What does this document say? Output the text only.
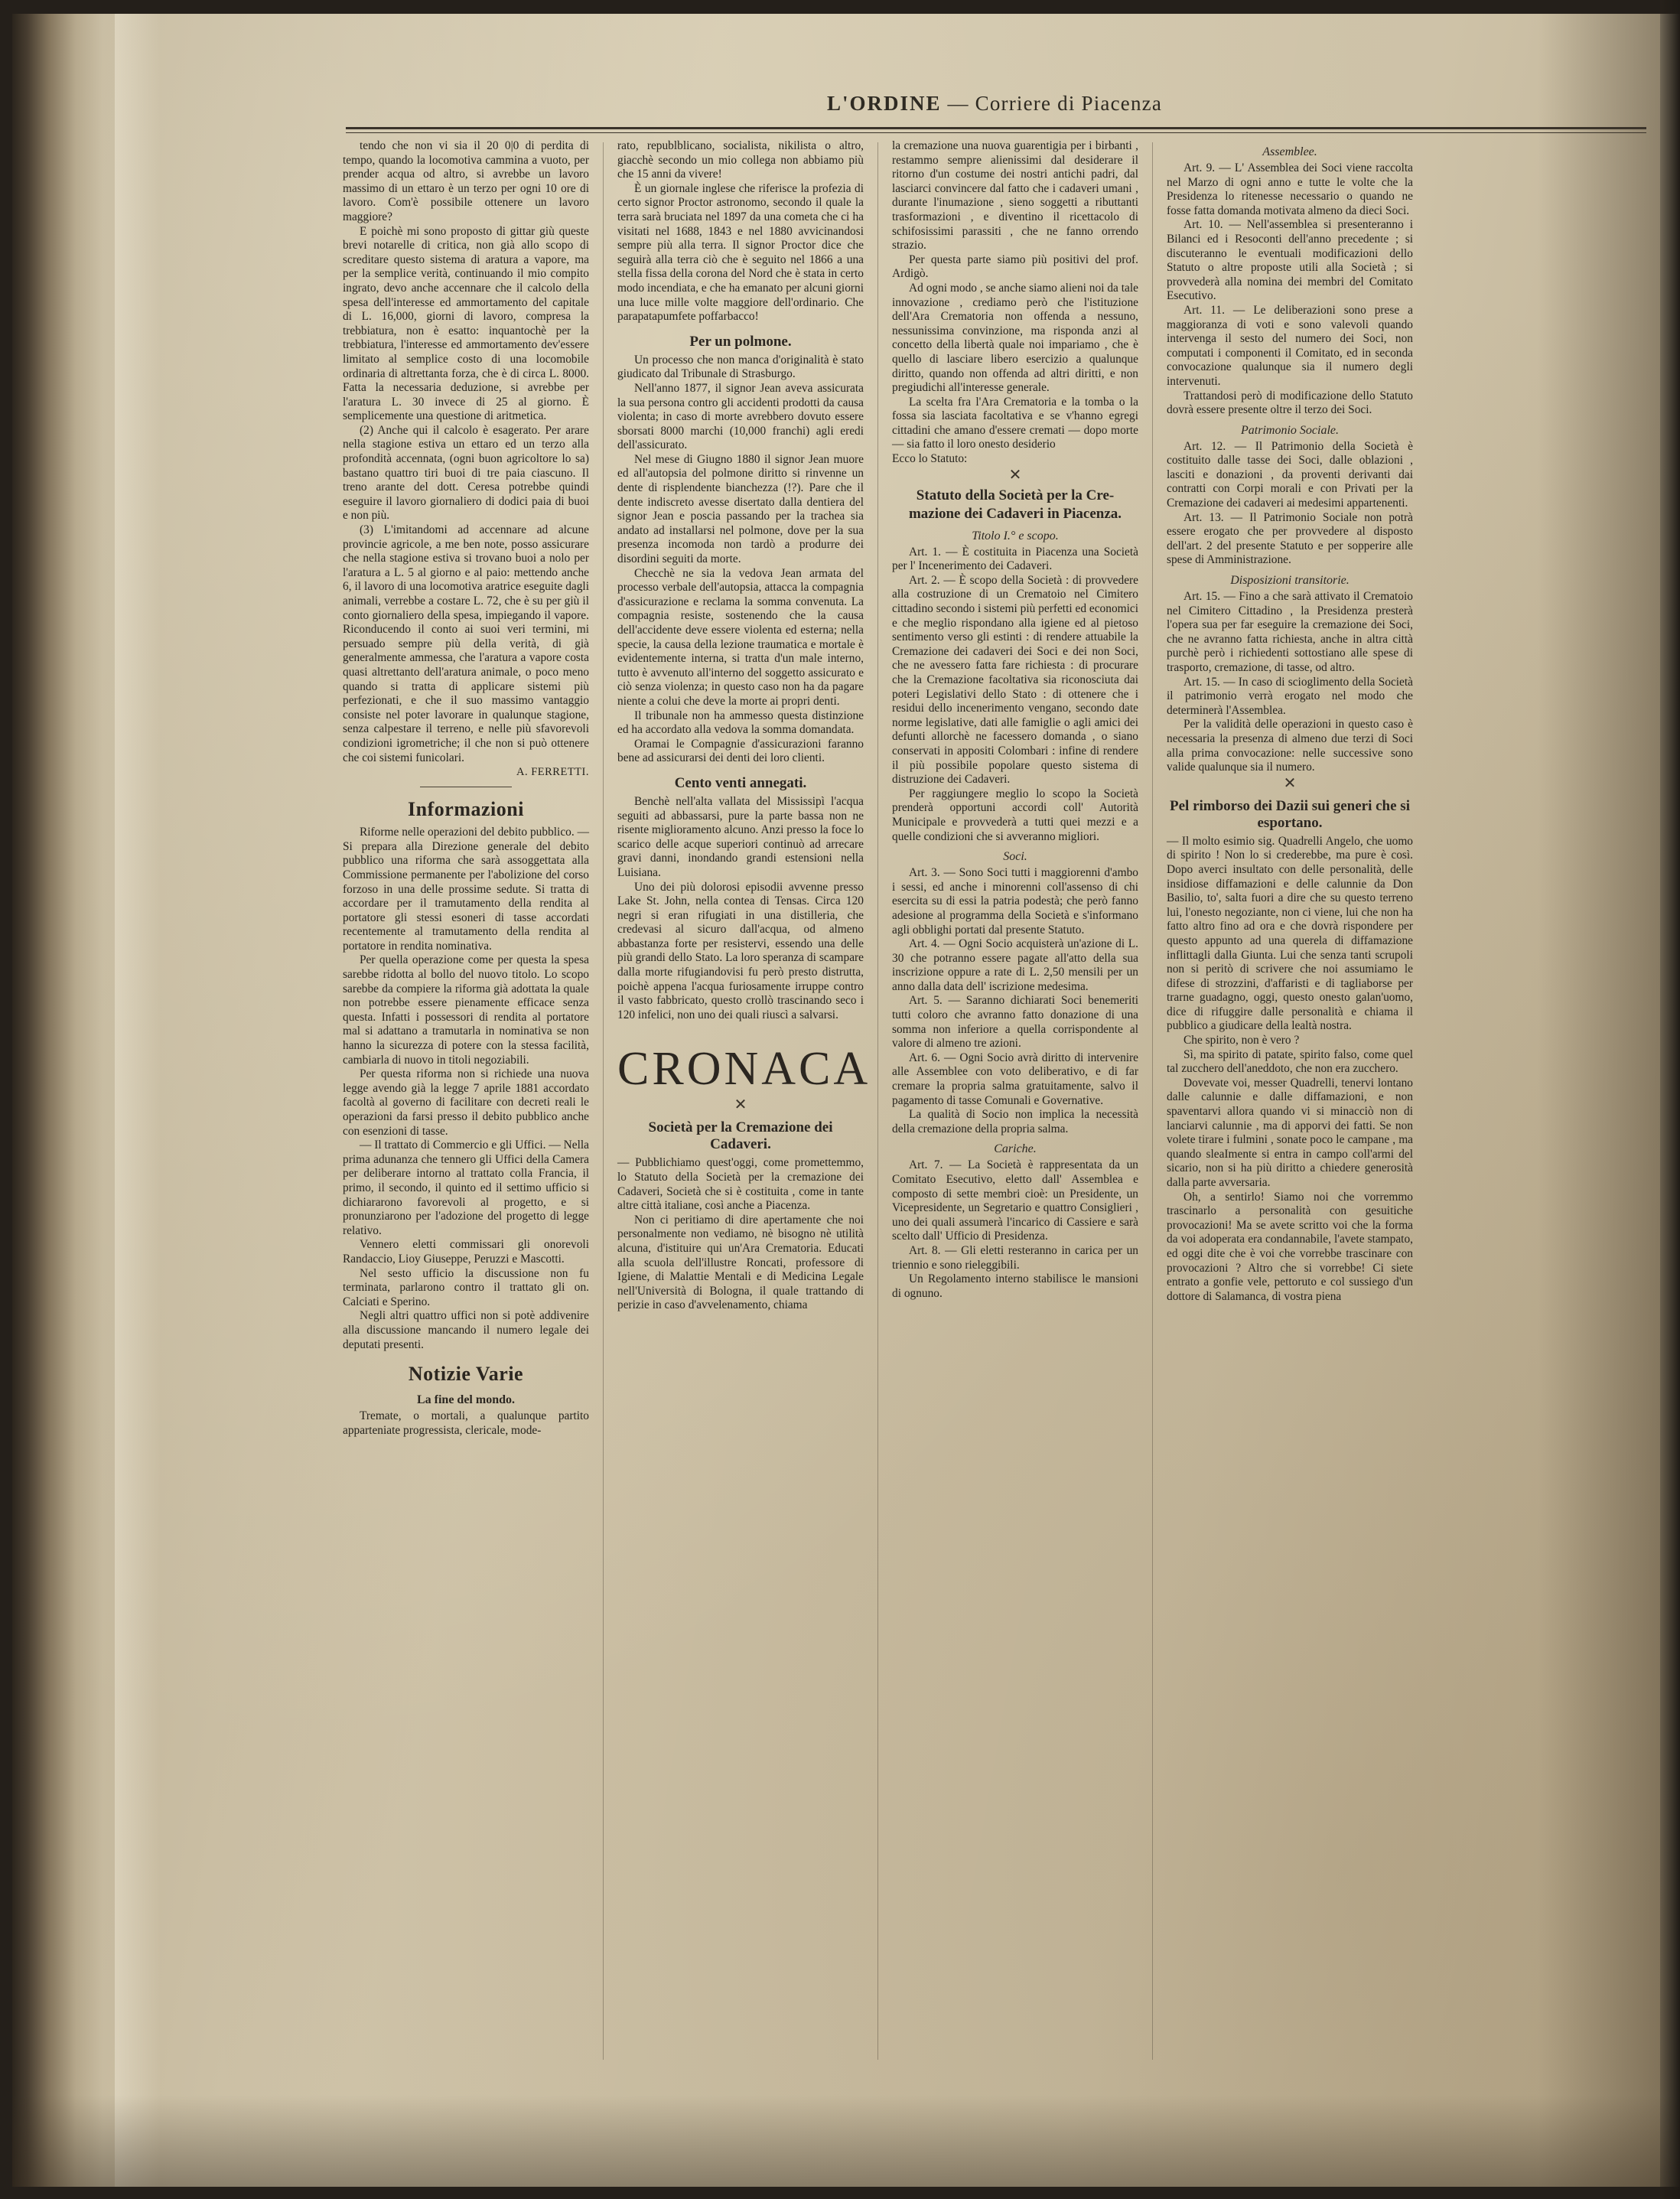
L'ORDINE — Corriere di Piacenza
tendo che non vi sia il 20 0|0 di perdita di tempo, quando la locomotiva cammina a vuoto, per prender acqua od altro, si avrebbe un lavoro massimo di un ettaro è un terzo per ogni 10 ore di lavoro. Com'è possibile ottenere un lavoro maggiore?
E poichè mi sono proposto di gittar giù queste brevi notarelle di critica, non già allo scopo di screditare questo sistema di aratura a vapore, ma per la semplice verità, continuando il mio compito ingrato, devo anche accennare che il calcolo della spesa dell'interesse ed ammortamento del capitale di L. 16,000, giorni di lavoro, compresa la trebbiatura, non è esatto: inquantochè per la trebbiatura, l'interesse ed ammortamento dev'essere limitato al semplice costo di una locomobile ordinaria di altrettanta forza, che è di circa L. 8000. Fatta la necessaria deduzione, si avrebbe per l'aratura L. 30 invece di 25 al giorno. È semplicemente una questione di aritmetica.
(2) Anche qui il calcolo è esagerato. Per arare nella stagione estiva un ettaro ed un terzo alla profondità accennata, (ogni buon agricoltore lo sa) bastano quattro tiri buoi di tre paia ciascuno. Il treno arante del dott. Ceresa potrebbe quindi eseguire il lavoro giornaliero di dodici paia di buoi e non più.
(3) L'imitandomi ad accennare ad alcune provincie agricole, a me ben note, posso assicurare che nella stagione estiva si trovano buoi a nolo per l'aratura a L. 5 al giorno e al paio: mettendo anche 6, il lavoro di una locomotiva aratrice eseguite dagli animali, verrebbe a costare L. 72, che è su per giù il conto giornaliero della spesa, impiegando il vapore. Riconducendo il conto ai suoi veri termini, mi persuado sempre più della verità, di già generalmente ammessa, che l'aratura a vapore costa quasi altrettanto dell'aratura animale, o poco meno quando si tratta di applicare sistemi più perfezionati, e che il suo massimo vantaggio consiste nel poter lavorare in qualunque stagione, senza calpestare il terreno, e nelle più sfavorevoli condizioni igrometriche; il che non si può ottenere che coi sistemi funicolari.
A. FERRETTI.
Informazioni
Riforme nelle operazioni del debito pubblico. — Si prepara alla Direzione generale del debito pubblico una riforma che sarà assoggettata alla Commissione permanente per l'abolizione del corso forzoso in una delle prossime sedute. Si tratta di accordare per il tramutamento della rendita al portatore gli stessi esoneri di tasse accordati recentemente al tramutamento della rendita al portatore in rendita nominativa.
Per quella operazione come per questa la spesa sarebbe ridotta al bollo del nuovo titolo. Lo scopo sarebbe da compiere la riforma già adottata la quale non potrebbe essere pienamente efficace senza questa. Infatti i possessori di rendita al portatore mal si adattano a tramutarla in nominativa se non hanno la sicurezza di potere con la stessa facilità, cambiarla di nuovo in titoli negoziabili.
Per questa riforma non si richiede una nuova legge avendo già la legge 7 aprile 1881 accordato facoltà al governo di facilitare con decreti reali le operazioni da farsi presso il debito pubblico anche con esenzioni di tasse.
— Il trattato di Commercio e gli Uffici. — Nella prima adunanza che tennero gli Uffici della Camera per deliberare intorno al trattato colla Francia, il primo, il secondo, il quinto ed il settimo ufficio si dichiararono favorevoli al progetto, e si pronunziarono per l'adozione del progetto di legge relativo.
Vennero eletti commissari gli onorevoli Randaccio, Lioy Giuseppe, Peruzzi e Mascotti.
Nel sesto ufficio la discussione non fu terminata, parlarono contro il trattato gli on. Calciati e Sperino.
Negli altri quattro uffici non si potè addivenire alla discussione mancando il numero legale dei deputati presenti.
Notizie Varie
La fine del mondo.
Tremate, o mortali, a qualunque partito apparteniate progressista, clericale, mode-
rato, republblicano, socialista, nikilista o altro, giacchè secondo un mio collega non abbiamo più che 15 anni da vivere!
È un giornale inglese che riferisce la profezia di certo signor Proctor astronomo, secondo il quale la terra sarà bruciata nel 1897 da una cometa che ci ha visitati nel 1688, 1843 e nel 1880 avvicinandosi sempre più alla terra. Il signor Proctor dice che seguirà alla terra ciò che è seguito nel 1866 a una stella fissa della corona del Nord che è stata in certo modo incendiata, e che ha emanato per alcuni giorni una luce mille volte maggiore dell'ordinario. Che parapatapumfete poffarbacco!
Per un polmone.
Un processo che non manca d'originalità è stato giudicato dal Tribunale di Strasburgo.
Nell'anno 1877, il signor Jean aveva assicurata la sua persona contro gli accidenti prodotti da causa violenta; in caso di morte avrebbero dovuto essere sborsati 8000 marchi (10,000 franchi) agli eredi dell'assicurato.
Nel mese di Giugno 1880 il signor Jean muore ed all'autopsia del polmone diritto si rinvenne un dente di risplendente bianchezza (!?). Pare che il dente indiscreto avesse disertato dalla dentiera del signor Jean e poscia passando per la trachea sia andato ad installarsi nel polmone, dove per la sua presenza incomoda non tardò a produrre dei disordini seguiti da morte.
Checchè ne sia la vedova Jean armata del processo verbale dell'autopsia, attacca la compagnia d'assicurazione e reclama la somma convenuta. La compagnia resiste, sostenendo che la causa dell'accidente deve essere violenta ed esterna; nella specie, la causa della lezione traumatica e mortale è evidentemente interna, si tratta d'un male interno, tutto è avvenuto all'interno del soggetto assicurato e ciò senza violenza; in questo caso non ha da pagare niente a colui che deve la morte ai propri denti.
Il tribunale non ha ammesso questa distinzione ed ha accordato alla vedova la somma domandata.
Oramai le Compagnie d'assicurazioni faranno bene ad assicurarsi dei denti dei loro clienti.
Cento venti annegati.
Benchè nell'alta vallata del Mississipì l'acqua seguiti ad abbassarsi, pure la parte bassa non ne risente miglioramento alcuno. Anzi presso la foce lo scarico delle acque superiori continuò ad arrecare gravi danni, inondando grandi estensioni nella Luisiana.
Uno dei più dolorosi episodii avvenne presso Lake St. John, nella contea di Tensas. Circa 120 negri si eran rifugiati in una distilleria, che credevasi al sicuro dall'acqua, od almeno abbastanza forte per resistervi, essendo una delle più grandi dello Stato. La loro speranza di scampare dalla morte rifugiandovisi fu però presto distrutta, poichè appena l'acqua furiosamente irruppe contro il vasto fabbricato, questo crollò trascinando seco i 120 infelici, non uno dei quali riuscì a salvarsi.
CRONACA
✕
Società per la Cremazione dei Cadaveri.
— Pubblichiamo quest'oggi, come promettemmo, lo Statuto della Società per la cremazione dei Cadaveri, Società che si è costituita , come in tante altre città italiane, così anche a Piacenza.
Non ci peritiamo di dire apertamente che noi personalmente non vediamo, nè bisogno nè utilità alcuna, d'istituire qui un'Ara Crematoria. Educati alla scuola dell'illustre Roncati, professore di Igiene, di Malattie Mentali e di Medicina Legale nell'Università di Bologna, il quale trattando di perizie in caso d'avvelenamento, chiama
la cremazione una nuova guarentigia per i birbanti , restammo sempre alienissimi dal desiderare il ritorno d'un costume dei nostri antichi padri, dal lasciarci convincere dal fatto che i cadaveri umani , durante l'inumazione , sieno soggetti a ributtanti trasformazioni , e diventino il ricettacolo di schifosissimi parassiti , che ne fanno orrendo strazio.
Per questa parte siamo più positivi del prof. Ardigò.
Ad ogni modo , se anche siamo alieni noi da tale innovazione , crediamo però che l'istituzione dell'Ara Crematoria non offenda a nessuno, nessunissima convinzione, ma risponda anzi al concetto della libertà quale noi impariamo , che è quello di lasciare libero esercizio a qualunque diritto, quando non offenda ad altri diritti, e non pregiudichi all'interesse generale.
La scelta fra l'Ara Crematoria e la tomba o la fossa sia lasciata facoltativa e se v'hanno egregi cittadini che amano d'essere cremati — dopo morte — sia fatto il loro onesto desiderio
Ecco lo Statuto:
✕
Statuto della Società per la Cre-
mazione dei Cadaveri in Piacenza.
Titolo I.° e scopo.
Art. 1. — È costituita in Piacenza una Società per l' Incenerimento dei Cadaveri.
Art. 2. — È scopo della Società : di provvedere alla costruzione di un Crematoio nel Cimitero cittadino secondo i sistemi più perfetti ed economici e che meglio rispondano alla igiene ed al pietoso sentimento verso gli estinti : di rendere attuabile la Cremazione dei cadaveri dei Soci e dei non Soci, che ne avessero fatta fare richiesta : di procurare che la Cremazione facoltativa sia riconosciuta dai poteri Legislativi dello Stato : di ottenere che i residui dello incenerimento vengano, secondo date norme legislative, dati alle famiglie o agli amici dei defunti allorchè ne facessero domanda , o siano conservati in appositi Colombari : infine di rendere il più possibile popolare questo sistema di distruzione dei Cadaveri.
Per raggiungere meglio lo scopo la Società prenderà opportuni accordi coll' Autorità Municipale e provvederà a tutti quei mezzi e a quelle condizioni che si avveranno migliori.
Soci.
Art. 3. — Sono Soci tutti i maggiorenni d'ambo i sessi, ed anche i minorenni coll'assenso di chi esercita su di essi la patria podestà; che però fanno adesione al programma della Società e s'informano agli obblighi portati dal presente Statuto.
Art. 4. — Ogni Socio acquisterà un'azione di L. 30 che potranno essere pagate all'atto della sua inscrizione oppure a rate di L. 2,50 mensili per un anno dalla data dell' iscrizione medesima.
Art. 5. — Saranno dichiarati Soci benemeriti tutti coloro che avranno fatto donazione di una somma non inferiore a quella corrispondente al valore di almeno tre azioni.
Art. 6. — Ogni Socio avrà diritto di intervenire alle Assemblee con voto deliberativo, e di far cremare la propria salma gratuitamente, salvo il pagamento di tasse Comunali e Governative.
La qualità di Socio non implica la necessità della cremazione della propria salma.
Cariche.
Art. 7. — La Società è rappresentata da un Comitato Esecutivo, eletto dall' Assemblea e composto di sette membri cioè: un Presidente, un Vicepresidente, un Segretario e quattro Consiglieri , uno dei quali assumerà l'incarico di Cassiere e sarà scelto dall' Ufficio di Presidenza.
Art. 8. — Gli eletti resteranno in carica per un triennio e sono rieleggibili.
Un Regolamento interno stabilisce le mansioni di ognuno.
Assemblee.
Art. 9. — L' Assemblea dei Soci viene raccolta nel Marzo di ogni anno e tutte le volte che la Presidenza lo ritenesse necessario o quando ne fosse fatta domanda motivata almeno da dieci Soci.
Art. 10. — Nell'assemblea si presenteranno i Bilanci ed i Resoconti dell'anno precedente ; si discuteranno le eventuali modificazioni dello Statuto o altre proposte utili alla Società ; si provvederà alla nomina dei membri del Comitato Esecutivo.
Art. 11. — Le deliberazioni sono prese a maggioranza di voti e sono valevoli quando intervenga il sesto del numero dei Soci, non computati i componenti il Comitato, ed in seconda convocazione qualunque sia il numero degli intervenuti.
Trattandosi però di modificazione dello Statuto dovrà essere presente oltre il terzo dei Soci.
Patrimonio Sociale.
Art. 12. — Il Patrimonio della Società è costituito dalle tasse dei Soci, dalle oblazioni , lasciti e donazioni , da proventi derivanti dai contratti con Corpi morali e con Privati per la Cremazione dei cadaveri ai medesimi appartenenti.
Art. 13. — Il Patrimonio Sociale non potrà essere erogato che per provvedere al disposto dell'art. 2 del presente Statuto e per sopperire alle spese di Amministrazione.
Disposizioni transitorie.
Art. 15. — Fino a che sarà attivato il Crematoio nel Cimitero Cittadino , la Presidenza presterà l'opera sua per far eseguire la cremazione dei Soci, che ne avranno fatta richiesta, anche in altra città purchè però i richiedenti sottostiano alle spese di trasporto, cremazione, di tasse, od altro.
Art. 15. — In caso di scioglimento della Società il patrimonio verrà erogato nel modo che determinerà l'Assemblea.
Per la validità delle operazioni in questo caso è necessaria la presenza di almeno due terzi di Soci alla prima convocazione: nelle successive sono valide qualunque sia il numero.
✕
Pel rimborso dei Dazii sui generi che si esportano.
— Il molto esimio sig. Quadrelli Angelo, che uomo di spirito ! Non lo si crederebbe, ma pure è così. Dopo averci insultato con delle personalità, delle insidiose diffamazioni e delle calunnie da Don Basilio, to', salta fuori a dire che su questo terreno lui, l'onesto negoziante, non ci viene, lui che non ha fatto altro fino ad ora e che dovrà rispondere per questo appunto ad una querela di diffamazione inflittagli dalla Giunta. Lui che senza tanti scrupoli non si peritò di scrivere che noi assumiamo le difese di strozzini, d'affaristi e di tagliaborse per trarne guadagno, oggi, questo onesto galan'uomo, dice di rifuggire dalle personalità e chiama il pubblico a giudicare della lealtà nostra.
Che spirito, non è vero ?
Sì, ma spirito di patate, spirito falso, come quel tal zucchero dell'aneddoto, che non era zucchero.
Dovevate voi, messer Quadrelli, tenervi lontano dalle calunnie e dalle diffamazioni, e non spaventarvi allora quando vi si minacciò non di lanciarvi calunnie , ma di apporvi dei fatti. Se non volete tirare i fulmini , sonate poco le campane , ma quando sleaImente si entra in campo coll'armi del sicario, non si ha più diritto a chiedere generosità dalla parte avversaria.
Oh, a sentirlo! Siamo noi che vorremmo trascinarlo a personalità con gesuitiche provocazioni! Ma se avete scritto voi che la forma da voi adoperata era condannabile, l'avete stampato, ed oggi dite che è voi che vorrebbe trascinare con provocazioni ? Altro che si vorrebbe! Ci siete entrato a gonfie vele, pettoruto e col sussiego d'un dottore di Salamanca, di vostra piena
